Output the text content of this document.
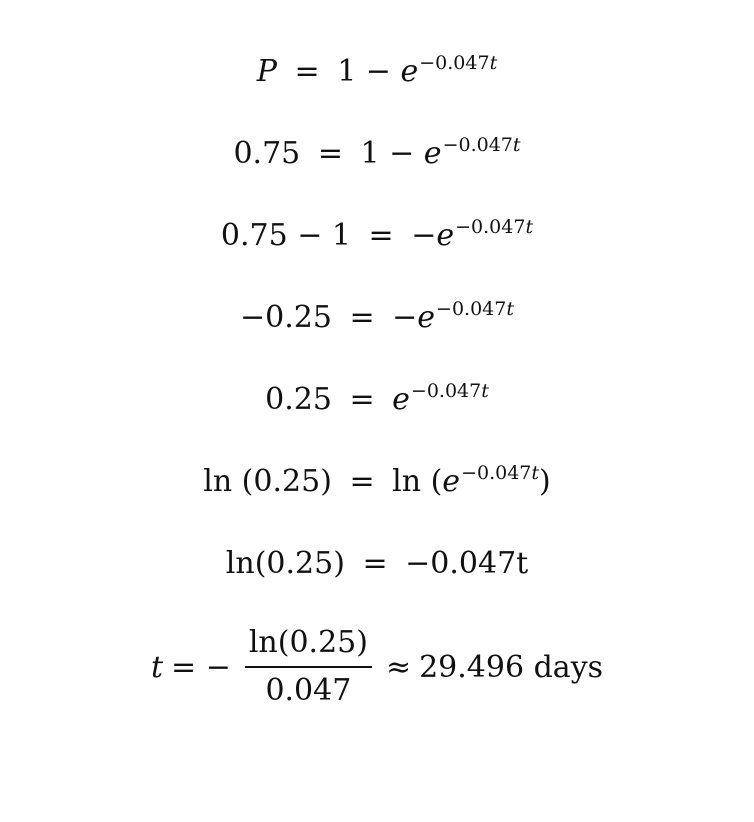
$P = 1 - e^{-0.047t}$
$0.75 = 1 - e^{-0.047t}$
$0.75 - 1 = -e^{-0.047t}$
$-0.25 = -e^{-0.047t}$
$0.25 = e^{-0.047t}$
$\ln (0.25) = \ln (e^{-0.047t})$
ln(0.25) = −0.047t
t = − $\frac{\ln(0.25)}{0.047} \approx 29.496$ days
